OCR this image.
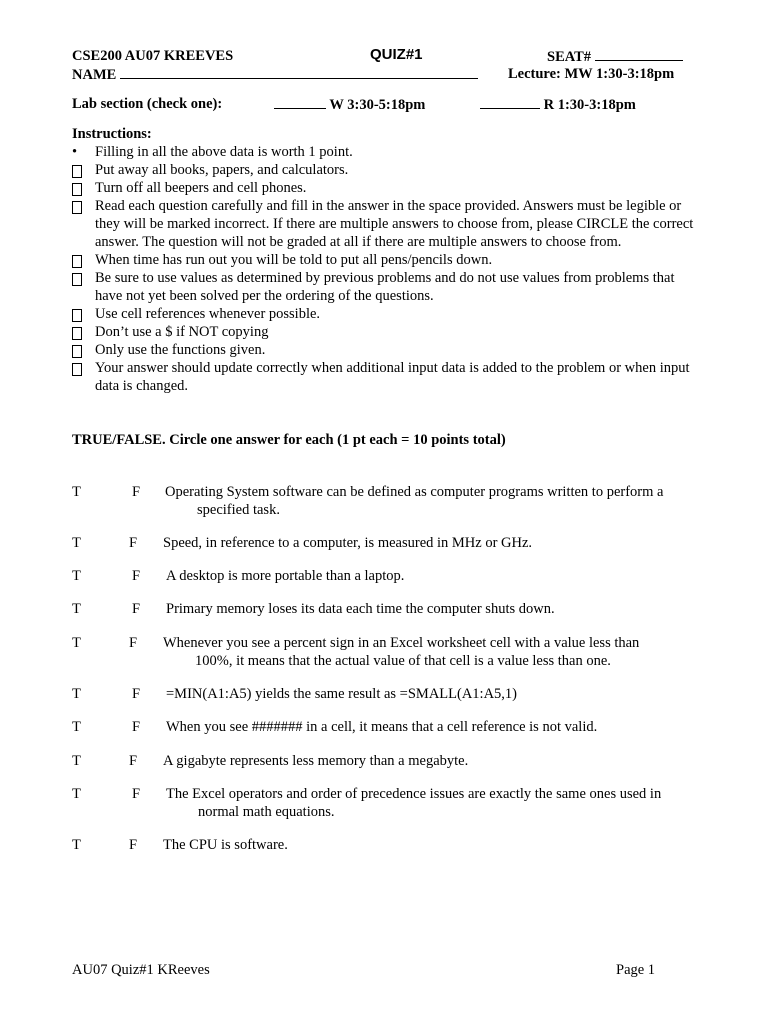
CSE200 AU07 KREEVES	QUIZ#1	SEAT#
NAME	Lecture: MW 1:30-3:18pm
Lab section (check one):	W 3:30-5:18pm	R 1:30-3:18pm
Instructions:
•	Filling in all the above data is worth 1 point.
Put away all books, papers, and calculators.
Turn off all beepers and cell phones.
Read each question carefully and fill in the answer in the space provided. Answers must be legible or they will be marked incorrect. If there are multiple answers to choose from, please CIRCLE the correct answer. The question will not be graded at all if there are multiple answers to choose from.
When time has run out you will be told to put all pens/pencils down.
Be sure to use values as determined by previous problems and do not use values from problems that have not yet been solved per the ordering of the questions.
Use cell references whenever possible.
Don’t use a $ if NOT copying
Only use the functions given.
Your answer should update correctly when additional input data is added to the problem or when input data is changed.
TRUE/FALSE. Circle one answer for each (1 pt each = 10 points total)
T	F Operating System software can be defined as computer programs written to perform a
specified task.
T	F Speed, in reference to a computer, is measured in MHz or GHz.
T	F A desktop is more portable than a laptop.
T	F Primary memory loses its data each time the computer shuts down.
T	F Whenever you see a percent sign in an Excel worksheet cell with a value less than
100%, it means that the actual value of that cell is a value less than one.
T	F =MIN(A1:A5) yields the same result as =SMALL(A1:A5,1)
T	F When you see ####### in a cell, it means that a cell reference is not valid.
T	F A gigabyte represents less memory than a megabyte.
T	F The Excel operators and order of precedence issues are exactly the same ones used in
normal math equations.
T	F The CPU is software.
AU07 Quiz#1 KReeves	Page 1
